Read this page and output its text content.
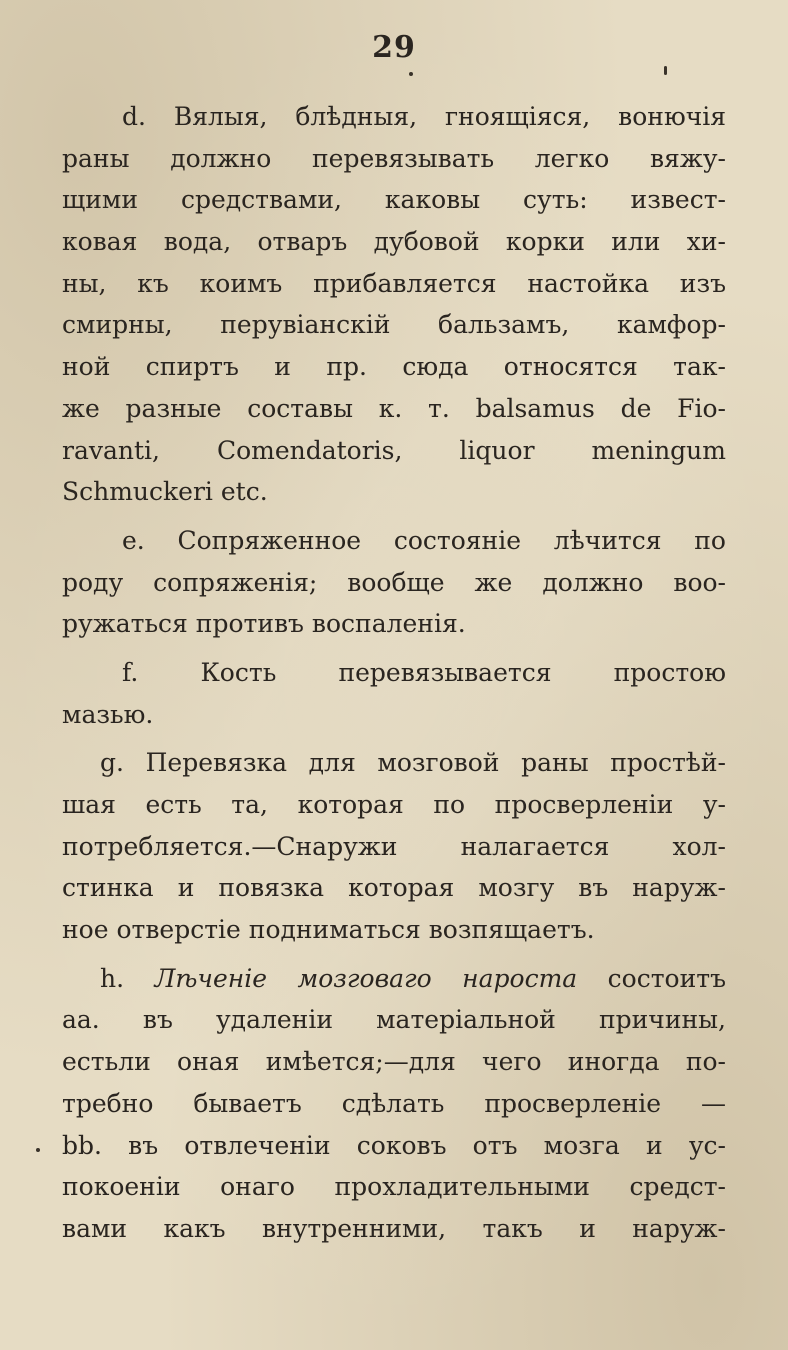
29
d. Вялыя, блѣдныя, гноящіяся, вонючія
раны должно перевязывать легко вяжу-
щими средствами, каковы суть: извест-
ковая вода, отваръ дубовой корки или хи-
ны, къ коимъ прибавляется настойка изъ
смирны, перувіанскій бальзамъ, камфор-
ной спиртъ и пр. сюда относятся так-
же разные составы к. т. balsamus de Fio-
ravanti, Comendatoris, liquor meningum
Schmuckeri etc.
e. Сопряженное состояніе лѣчится по
роду сопряженія; вообще же должно воо-
ружаться противъ воспаленія.
f. Кость перевязывается простою
мазью.
g. Перевязка для мозговой раны простѣй-
шая есть та, которая по просверленіи у-
потребляется.—Снаружи налагается хол-
стинка и повязка которая мозгу въ наруж-
ное отверстіе подниматься возпящаетъ.
h. Лѣченіе мозговаго нароста состоитъ
аа. въ удаленіи матеріальной причины,
естьли оная имѣется;—для чего иногда по-
требно бываетъ сдѣлать просверленіе —
bb. въ отвлеченіи соковъ отъ мозга и ус-
покоеніи онаго прохладительными средст-
вами какъ внутренними, такъ и наруж-
